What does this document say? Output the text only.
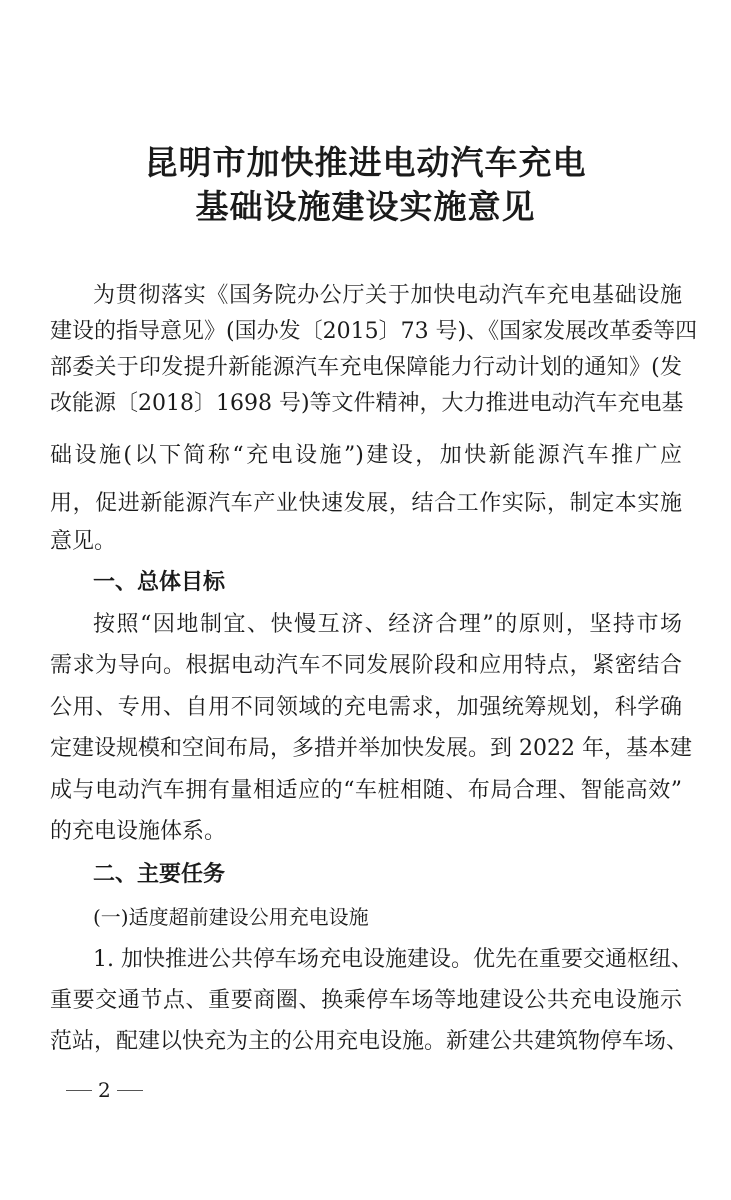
昆明市加快推进电动汽车充电
基础设施建设实施意见
为贯彻落实《国务院办公厅关于加快电动汽车充电基础设施
建设的指导意见》(国办发〔2015〕73 号)、《国家发展改革委等四
部委关于印发提升新能源汽车充电保障能力行动计划的通知》(发
改能源〔2018〕1698 号)等文件精神，大力推进电动汽车充电基
础设施(以下简称“充电设施”)建设，加快新能源汽车推广应
用，促进新能源汽车产业快速发展，结合工作实际，制定本实施
意见。
一、总体目标
按照“因地制宜、快慢互济、经济合理”的原则，坚持市场
需求为导向。根据电动汽车不同发展阶段和应用特点，紧密结合
公用、专用、自用不同领域的充电需求，加强统筹规划，科学确
定建设规模和空间布局，多措并举加快发展。到 2022 年，基本建
成与电动汽车拥有量相适应的“车桩相随、布局合理、智能高效”
的充电设施体系。
二、主要任务
(一)适度超前建设公用充电设施
1. 加快推进公共停车场充电设施建设。优先在重要交通枢纽、
重要交通节点、重要商圈、换乘停车场等地建设公共充电设施示
范站，配建以快充为主的公用充电设施。新建公共建筑物停车场、
2
